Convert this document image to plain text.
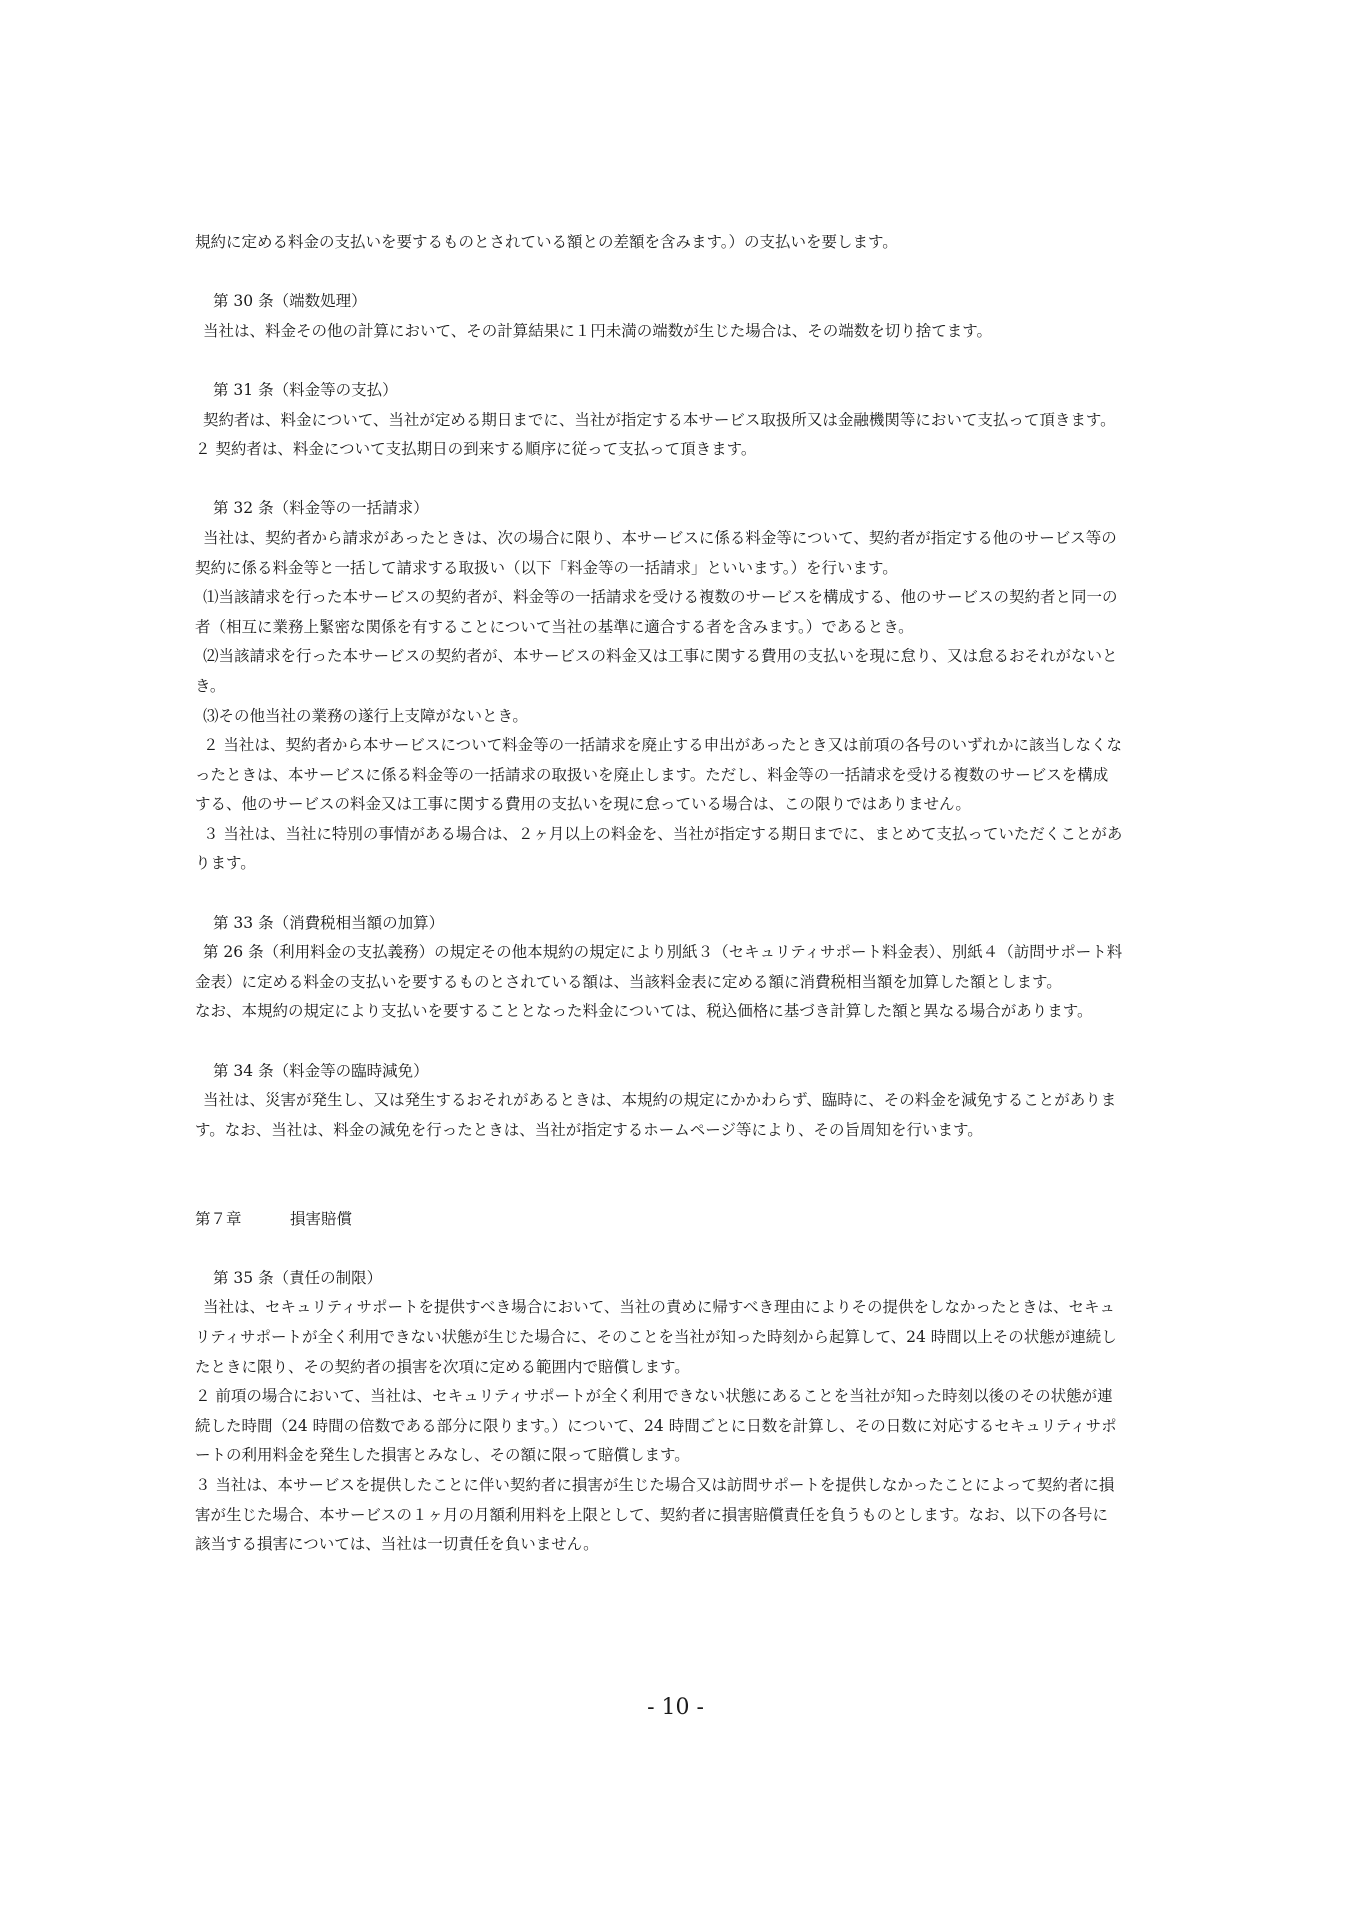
規約に定める料金の支払いを要するものとされている額との差額を含みます。）の支払いを要します。
第 30 条（端数処理）
当社は、料金その他の計算において、その計算結果に１円未満の端数が生じた場合は、その端数を切り捨てます。
第 31 条（料金等の支払）
契約者は、料金について、当社が定める期日までに、当社が指定する本サービス取扱所又は金融機関等において支払って頂きます。
２ 契約者は、料金について支払期日の到来する順序に従って支払って頂きます。
第 32 条（料金等の一括請求）
当社は、契約者から請求があったときは、次の場合に限り、本サービスに係る料金等について、契約者が指定する他のサービス等の
契約に係る料金等と一括して請求する取扱い（以下「料金等の一括請求」といいます。）を行います。
⑴当該請求を行った本サービスの契約者が、料金等の一括請求を受ける複数のサービスを構成する、他のサービスの契約者と同一の
者（相互に業務上緊密な関係を有することについて当社の基準に適合する者を含みます。）であるとき。
⑵当該請求を行った本サービスの契約者が、本サービスの料金又は工事に関する費用の支払いを現に怠り、又は怠るおそれがないと
き。
⑶その他当社の業務の遂行上支障がないとき。
２ 当社は、契約者から本サービスについて料金等の一括請求を廃止する申出があったとき又は前項の各号のいずれかに該当しなくな
ったときは、本サービスに係る料金等の一括請求の取扱いを廃止します。ただし、料金等の一括請求を受ける複数のサービスを構成
する、他のサービスの料金又は工事に関する費用の支払いを現に怠っている場合は、この限りではありません。
３ 当社は、当社に特別の事情がある場合は、２ヶ月以上の料金を、当社が指定する期日までに、まとめて支払っていただくことがあ
ります。
第 33 条（消費税相当額の加算）
第 26 条（利用料金の支払義務）の規定その他本規約の規定により別紙３（セキュリティサポート料金表）、別紙４（訪問サポート料
金表）に定める料金の支払いを要するものとされている額は、当該料金表に定める額に消費税相当額を加算した額とします。
なお、本規約の規定により支払いを要することとなった料金については、税込価格に基づき計算した額と異なる場合があります。
第 34 条（料金等の臨時減免）
当社は、災害が発生し、又は発生するおそれがあるときは、本規約の規定にかかわらず、臨時に、その料金を減免することがありま
す。なお、当社は、料金の減免を行ったときは、当社が指定するホームページ等により、その旨周知を行います。
第７章	損害賠償
第 35 条（責任の制限）
当社は、セキュリティサポートを提供すべき場合において、当社の責めに帰すべき理由によりその提供をしなかったときは、セキュ
リティサポートが全く利用できない状態が生じた場合に、そのことを当社が知った時刻から起算して、24 時間以上その状態が連続し
たときに限り、その契約者の損害を次項に定める範囲内で賠償します。
２ 前項の場合において、当社は、セキュリティサポートが全く利用できない状態にあることを当社が知った時刻以後のその状態が連
続した時間（24 時間の倍数である部分に限ります。）について、24 時間ごとに日数を計算し、その日数に対応するセキュリティサポ
ートの利用料金を発生した損害とみなし、その額に限って賠償します。
３ 当社は、本サービスを提供したことに伴い契約者に損害が生じた場合又は訪問サポートを提供しなかったことによって契約者に損
害が生じた場合、本サービスの１ヶ月の月額利用料を上限として、契約者に損害賠償責任を負うものとします。なお、以下の各号に
該当する損害については、当社は一切責任を負いません。
- 10 -
